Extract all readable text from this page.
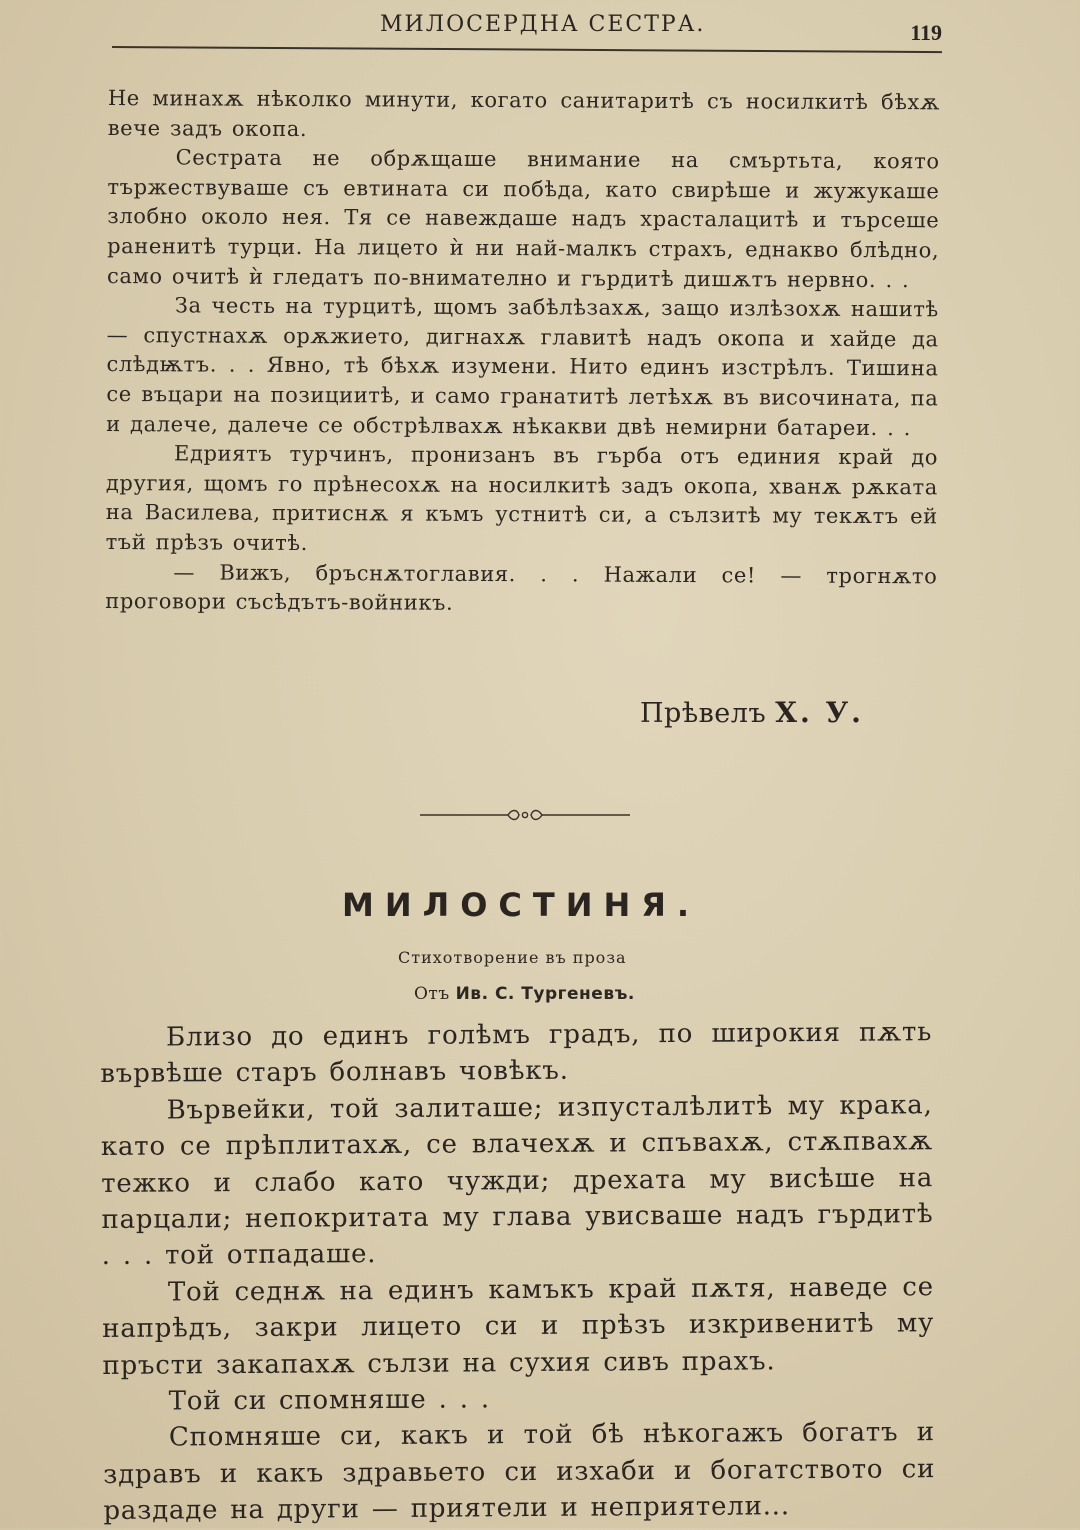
МИЛОСЕРДНА СЕСТРА.	119

Не минахѫ нѣколко минути, когато санитаритѣ съ носилкитѣ бѣхѫ вече задъ окопа.

Сестрата не обрѫщаше внимание на смъртьта, която тържествуваше съ евтината си побѣда, като свирѣше и жужукаше злобно около нея. Тя се навеждаше надъ храсталацитѣ и търсеше раненитѣ турци. На лицето ѝ ни най-малкъ страхъ, еднакво блѣдно, само очитѣ ѝ гледатъ по-внимателно и гърдитѣ дишѫтъ нервно. . .

За честь на турцитѣ, щомъ забѣлѣзахѫ, защо излѣзохѫ нашитѣ — спустнахѫ орѫжието, дигнахѫ главитѣ надъ окопа и хайде да слѣдѭтъ. . . Явно, тѣ бѣхѫ изумени. Нито единъ изстрѣлъ. Тишина се въцари на позициитѣ, и само гранатитѣ летѣхѫ въ височината, па и далече, далече се обстрѣлвахѫ нѣкакви двѣ немирни батареи. . .

Едриятъ турчинъ, пронизанъ въ гърба отъ единия край до другия, щомъ го прѣнесохѫ на носилкитѣ задъ окопа, хванѫ рѫката на Василева, притиснѫ я къмъ устнитѣ си, а сълзитѣ му текѫтъ ей тъй прѣзъ очитѣ.

— Вижъ, бръснѫтоглавия. . . Нажали се! — трогнѫто проговори съсѣдътъ-войникъ.

Прѣвелъ Х. У.
МИЛОСТИНЯ.
Стихотворение въ проза
Отъ Ив. С. Тургеневъ.

Близо до единъ голѣмъ градъ, по широкия пѫть вървѣше старъ болнавъ човѣкъ.

Вървейки, той залиташе; изпусталѣлитѣ му крака, като се прѣплитахѫ, се влачехѫ и спъвахѫ, стѫпвахѫ тежко и слабо като чужди; дрехата му висѣше на парцали; непокритата му глава увисваше надъ гърдитѣ . . . той отпадаше.

Той седнѫ на единъ камъкъ край пѫтя, наведе се напрѣдъ, закри лицето си и прѣзъ изкривенитѣ му пръсти закапахѫ сълзи на сухия сивъ прахъ.

Той си спомняше . . .

Спомняше си, какъ и той бѣ нѣкогажъ богатъ и здравъ и какъ здравьето си изхаби и богатството си раздаде на други — приятели и неприятели...
